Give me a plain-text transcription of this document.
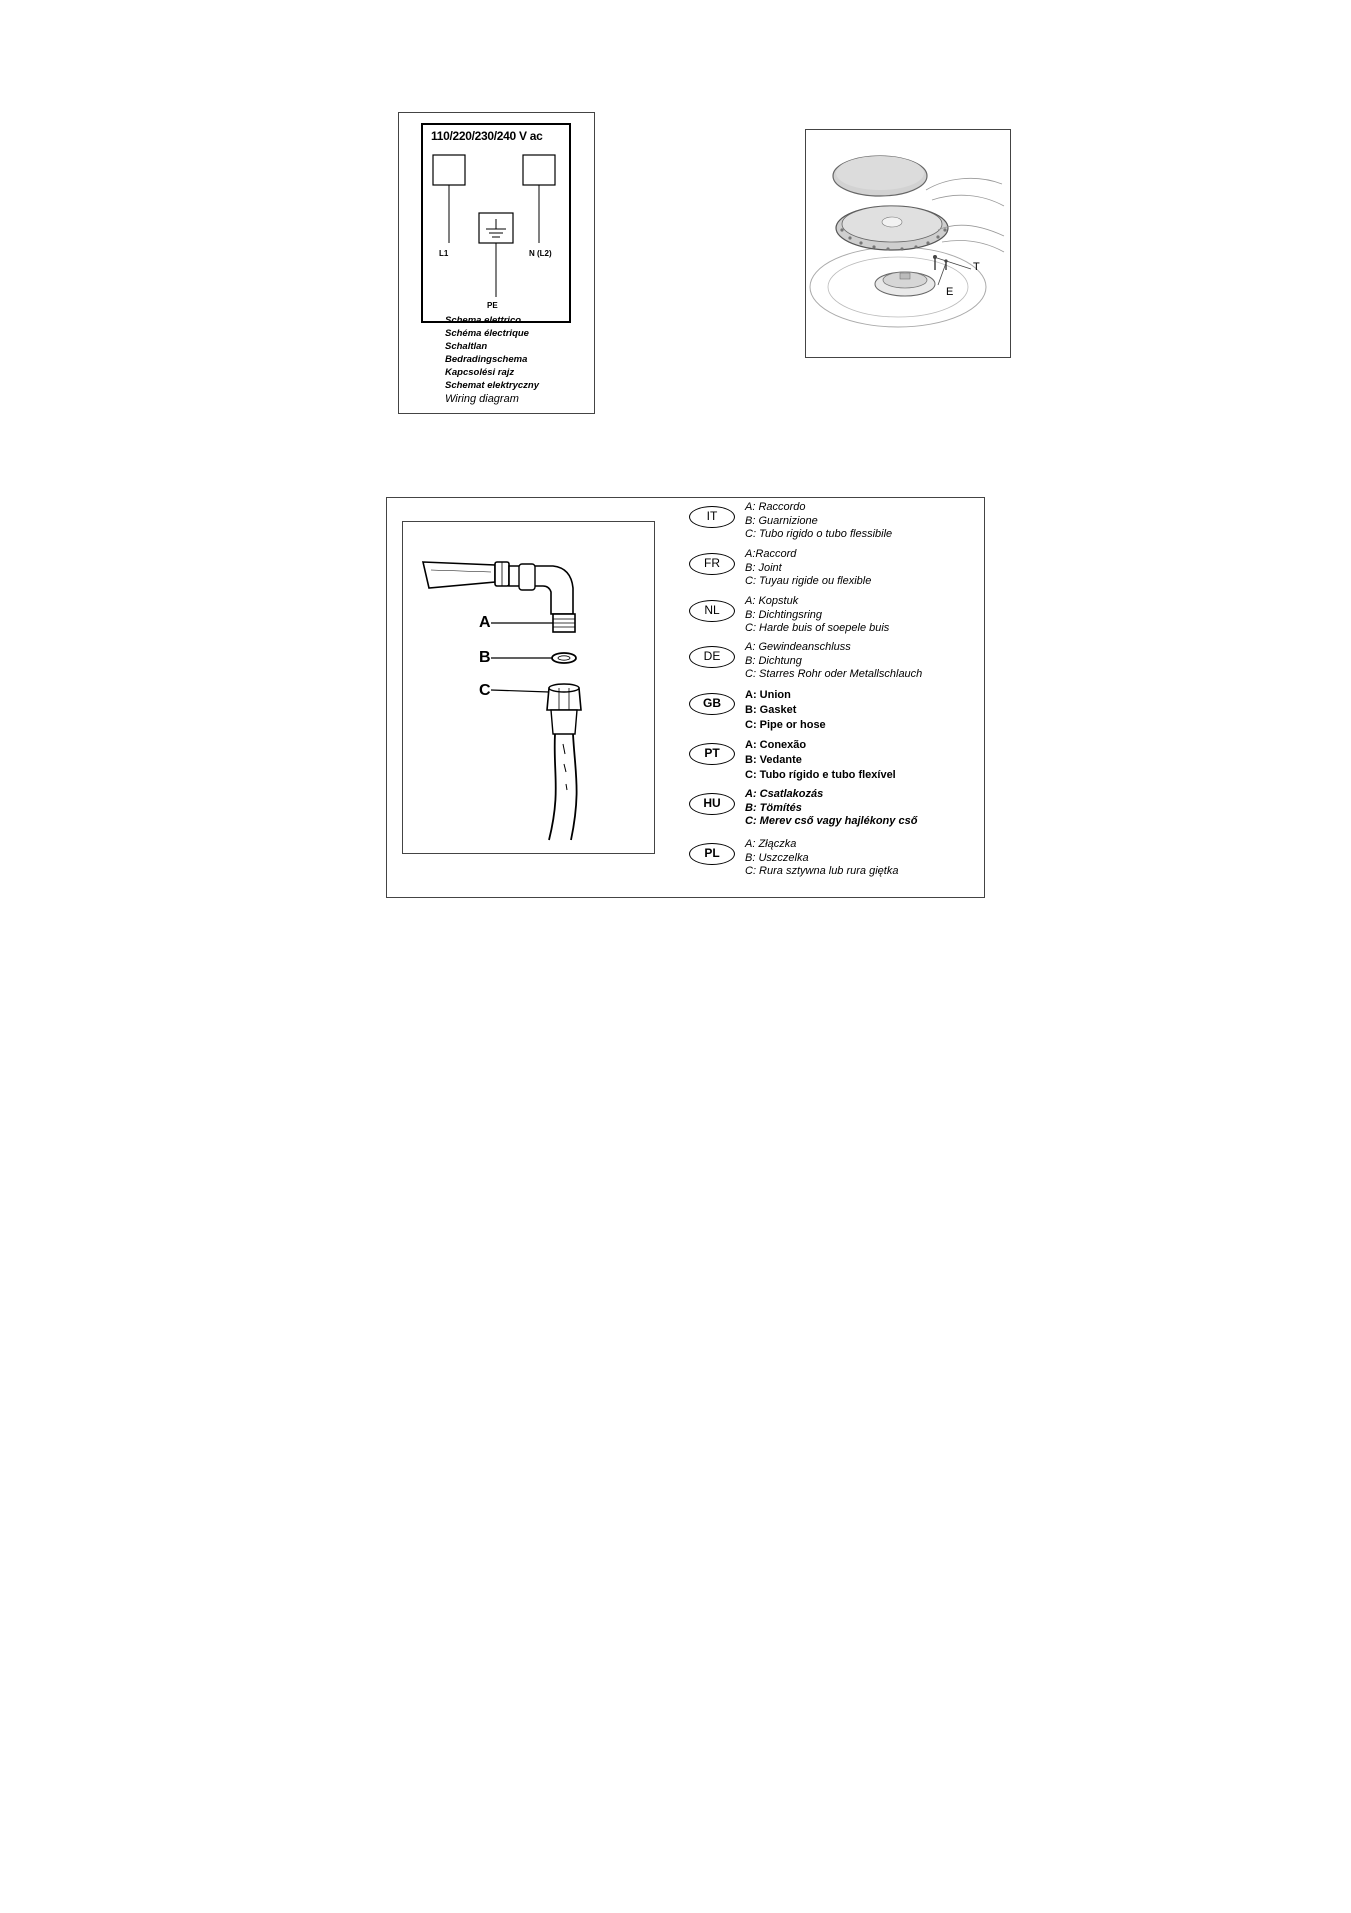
110/220/230/240 V ac
L1	N (L2)
PE
Schema elettrico
Schéma électrique
Schaltlan
Bedradingschema
Kapcsolési rajz
Schemat elektryczny
Wiring diagram
T
E
A
B
C
IT
A: Raccordo
B: Guarnizione
C: Tubo rigido o tubo flessibile
FR
A:Raccord
B: Joint
C: Tuyau rigide ou flexible
NL
A: Kopstuk
B: Dichtingsring
C: Harde buis of soepele buis
DE
A: Gewindeanschluss
B: Dichtung
C: Starres Rohr oder Metallschlauch
GB
A: Union
B: Gasket
C: Pipe or hose
PT
A: Conexão
B: Vedante
C: Tubo rígido e tubo flexível
HU
A: Csatlakozás
B: Tömítés
C: Merev cső vagy hajlékony cső
PL
A: Złączka
B: Uszczelka
C: Rura sztywna lub rura giętka
